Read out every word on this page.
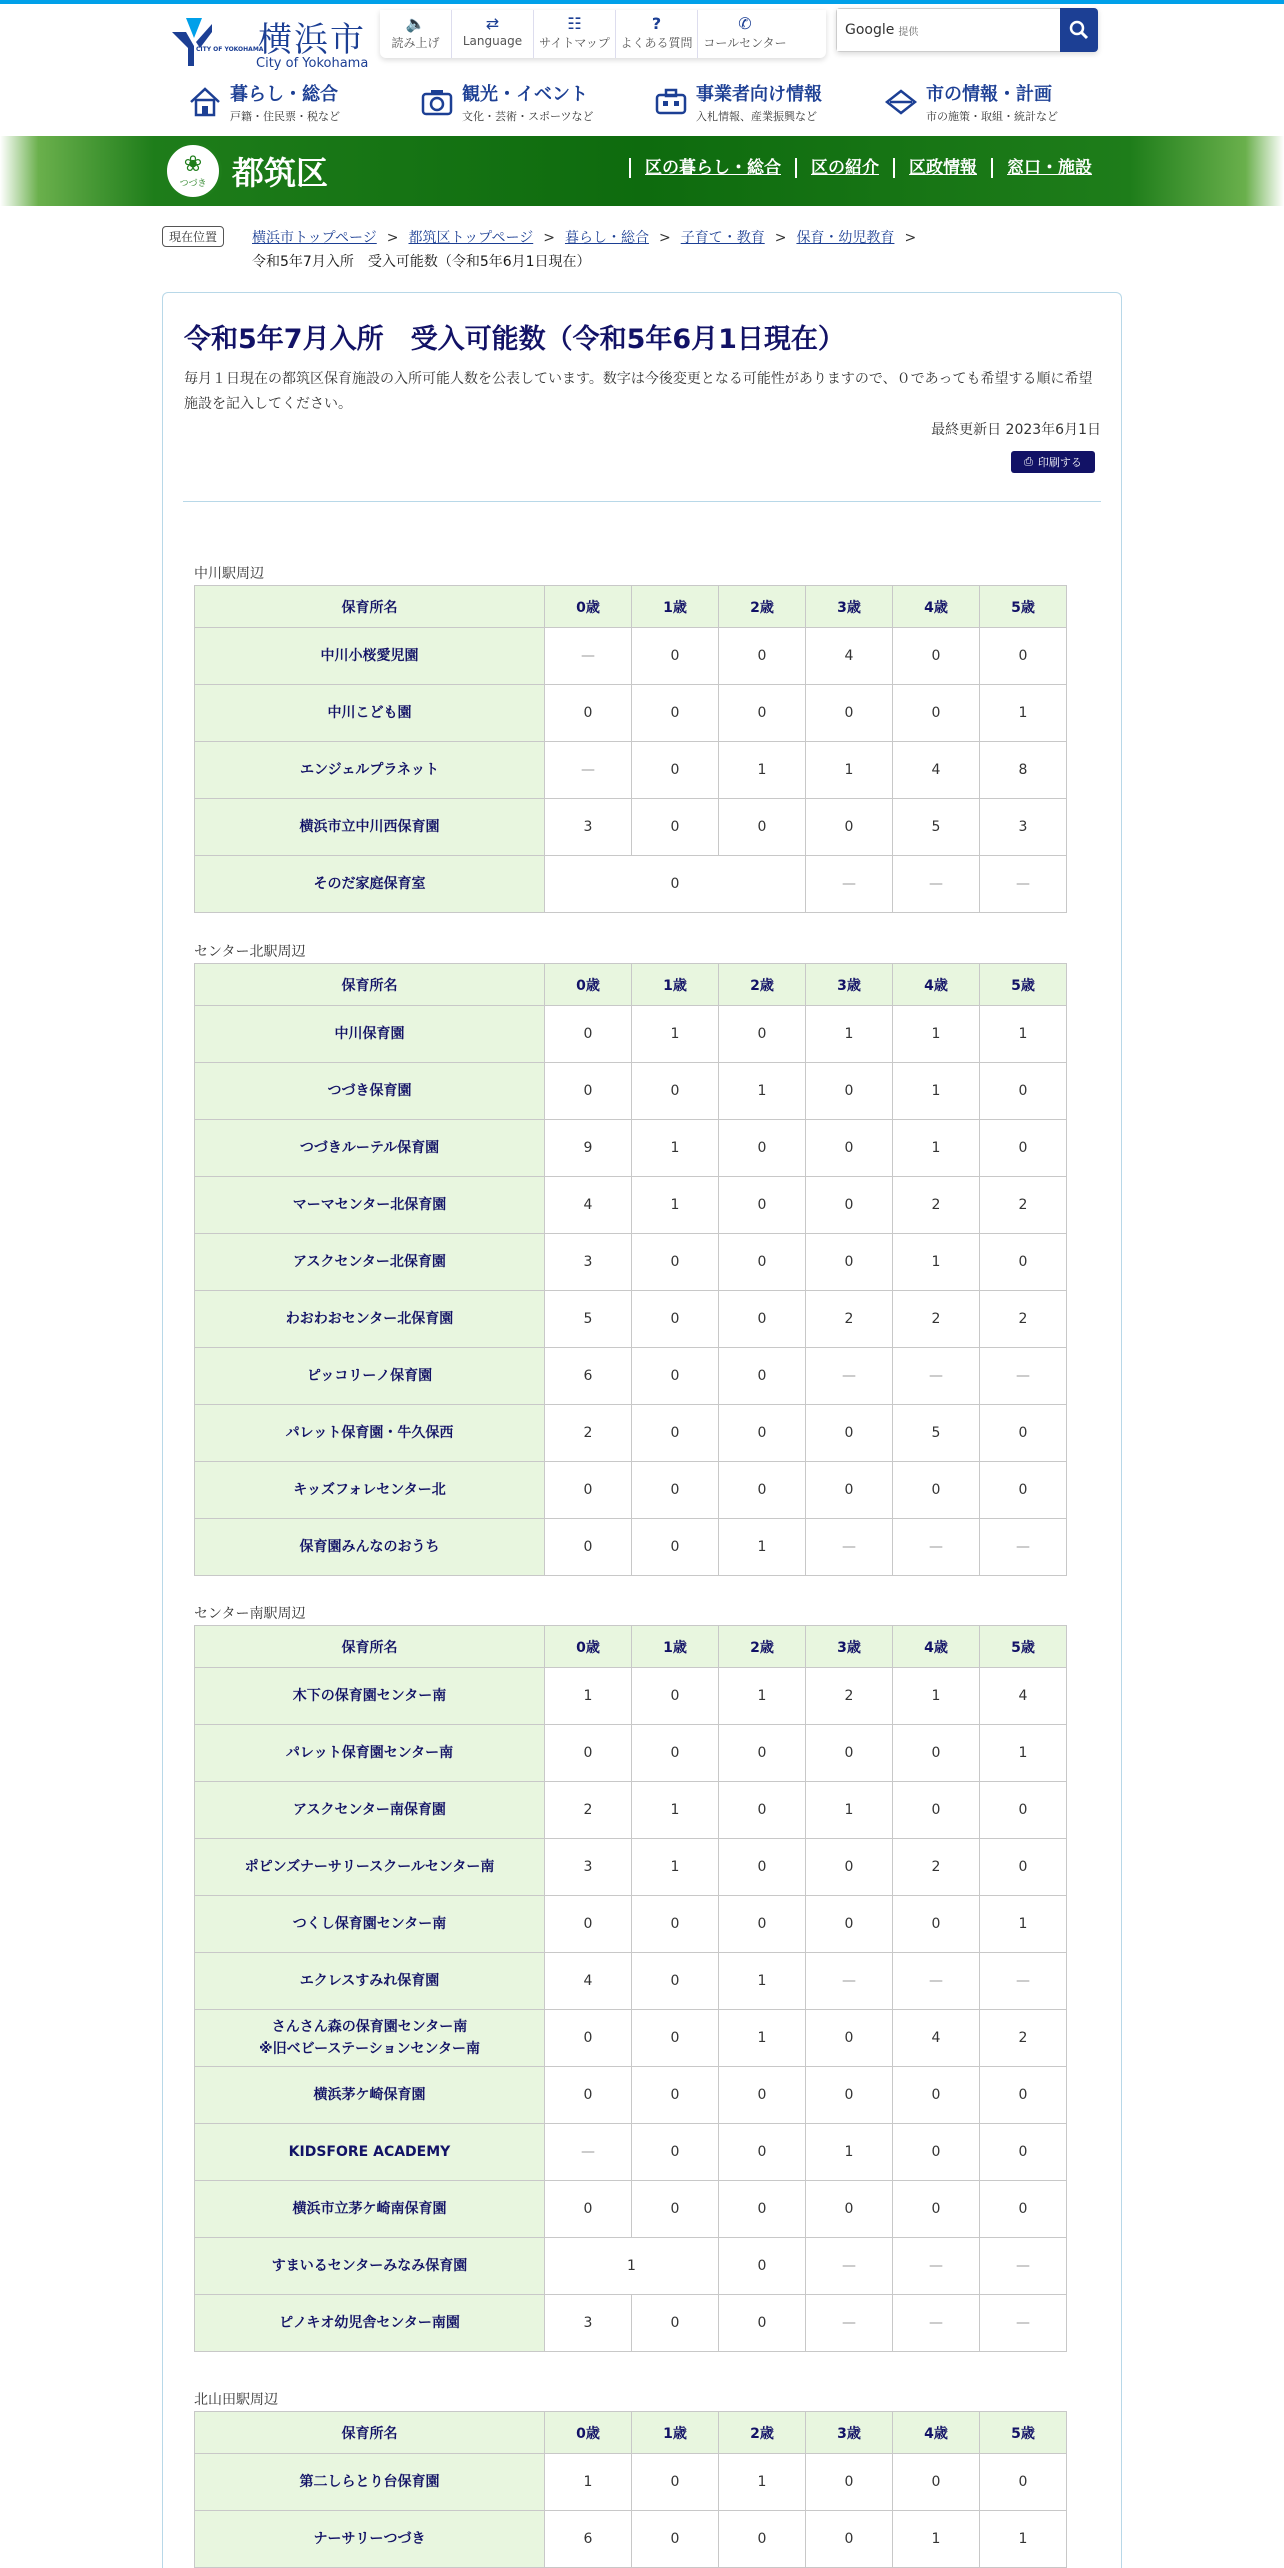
CITY OF YOKOHAMA
横浜市
City of Yokohama
🔈
読み上げ
⇄
Language
☷
サイトマップ
?
よくある質問
✆
コールセンター
Google 提供
暮らし・総合
戸籍・住民票・税など
観光・イベント
文化・芸術・スポーツなど
事業者向け情報
入札情報、産業振興など
市の情報・計画
市の施策・取組・統計など
❀
つづき 都筑区	区の暮らし・総合	区の紹介	区政情報	窓口・施設
現在位置	横浜市トップページ > 都筑区トップページ > 暮らし・総合 > 子育て・教育 > 保育・幼児教育 >
令和5年7月入所　受入可能数（令和5年6月1日現在）
令和5年7月入所　受入可能数（令和5年6月1日現在）

毎月１日現在の都筑区保育施設の入所可能人数を公表しています。数字は今後変更となる可能性がありますので、０であっても希望する順に希望施設を記入してください。

最終更新日 2023年6月1日
⎙ 印刷する
中川駅周辺
保育所名	0歳	1歳	2歳	3歳	4歳	5歳
中川小桜愛児園	—	0	0	4	0	0
中川こども園	0	0	0	0	0	1
エンジェルプラネット	—	0	1	1	4	8
横浜市立中川西保育園	3	0	0	0	5	3
そのだ家庭保育室	0			—	—	—
センター北駅周辺
保育所名	0歳	1歳	2歳	3歳	4歳	5歳
中川保育園	0	1	0	1	1	1
つづき保育園	0	0	1	0	1	0
つづきルーテル保育園	9	1	0	0	1	0
マーマセンター北保育園	4	1	0	0	2	2
アスクセンター北保育園	3	0	0	0	1	0
わおわおセンター北保育園	5	0	0	2	2	2
ピッコリーノ保育園	6	0	0	—	—	—
パレット保育園・牛久保西	2	0	0	0	5	0
キッズフォレセンター北	0	0	0	0	0	0
保育園みんなのおうち	0	0	1	—	—	—
センター南駅周辺
保育所名	0歳	1歳	2歳	3歳	4歳	5歳
木下の保育園センター南	1	0	1	2	1	4
パレット保育園センター南	0	0	0	0	0	1
アスクセンター南保育園	2	1	0	1	0	0
ポピンズナーサリースクールセンター南	3	1	0	0	2	0
つくし保育園センター南	0	0	0	0	0	1
エクレスすみれ保育園	4	0	1	—	—	—
さんさん森の保育園センター南
※旧ベビーステーションセンター南	0	0	1	0	4	2
横浜茅ケ崎保育園	0	0	0	0	0	0
KIDSFORE ACADEMY	—	0	0	1	0	0
横浜市立茅ケ崎南保育園	0	0	0	0	0	0
すまいるセンターみなみ保育園	1		0	—	—	—
ピノキオ幼児舎センター南園	3	0	0	—	—	—
北山田駅周辺
保育所名	0歳	1歳	2歳	3歳	4歳	5歳
第二しらとり台保育園	1	0	1	0	0	0
ナーサリーつづき	6	0	0	0	1	1
